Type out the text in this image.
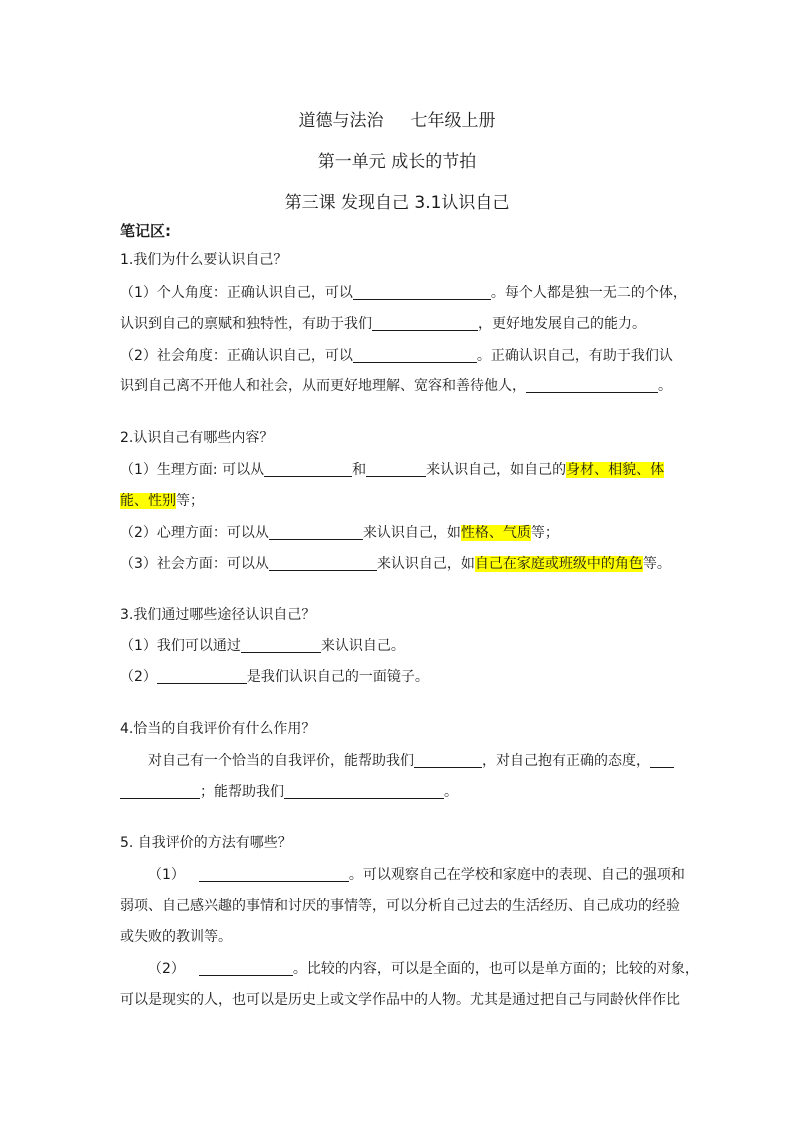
道德与法治     七年级上册
第一单元 成长的节拍
第三课 发现自己 3.1认识自己
笔记区:
1.我们为什么要认识自己？
（1）个人角度：正确认识自己，可以	。每个人都是独一无二的个体，
认识到自己的禀赋和独特性，有助于我们	，更好地发展自己的能力。
（2）社会角度：正确认识自己，可以	。正确认识自己，有助于我们认
识到自己离不开他人和社会，从而更好地理解、宽容和善待他人，	。
2.认识自己有哪些内容？
（1）生理方面: 可以从	和	来认识自己，如自己的身材、相貌、体
能、性别等；
（2）心理方面：可以从	来认识自己，如性格、气质等；
（3）社会方面：可以从	来认识自己，如自己在家庭或班级中的角色等。
3.我们通过哪些途径认识自己？
（1）我们可以通过	来认识自己。
（2）	是我们认识自己的一面镜子。
4.恰当的自我评价有什么作用？
对自己有一个恰当的自我评价，能帮助我们	，对自己抱有正确的态度，
；能帮助我们	。
5. 自我评价的方法有哪些？
（1）	。可以观察自己在学校和家庭中的表现、自己的强项和
弱项、自己感兴趣的事情和讨厌的事情等，可以分析自己过去的生活经历、自己成功的经验
或失败的教训等。
（2）	。比较的内容，可以是全面的，也可以是单方面的；比较的对象，
可以是现实的人，也可以是历史上或文学作品中的人物。尤其是通过把自己与同龄伙伴作比
